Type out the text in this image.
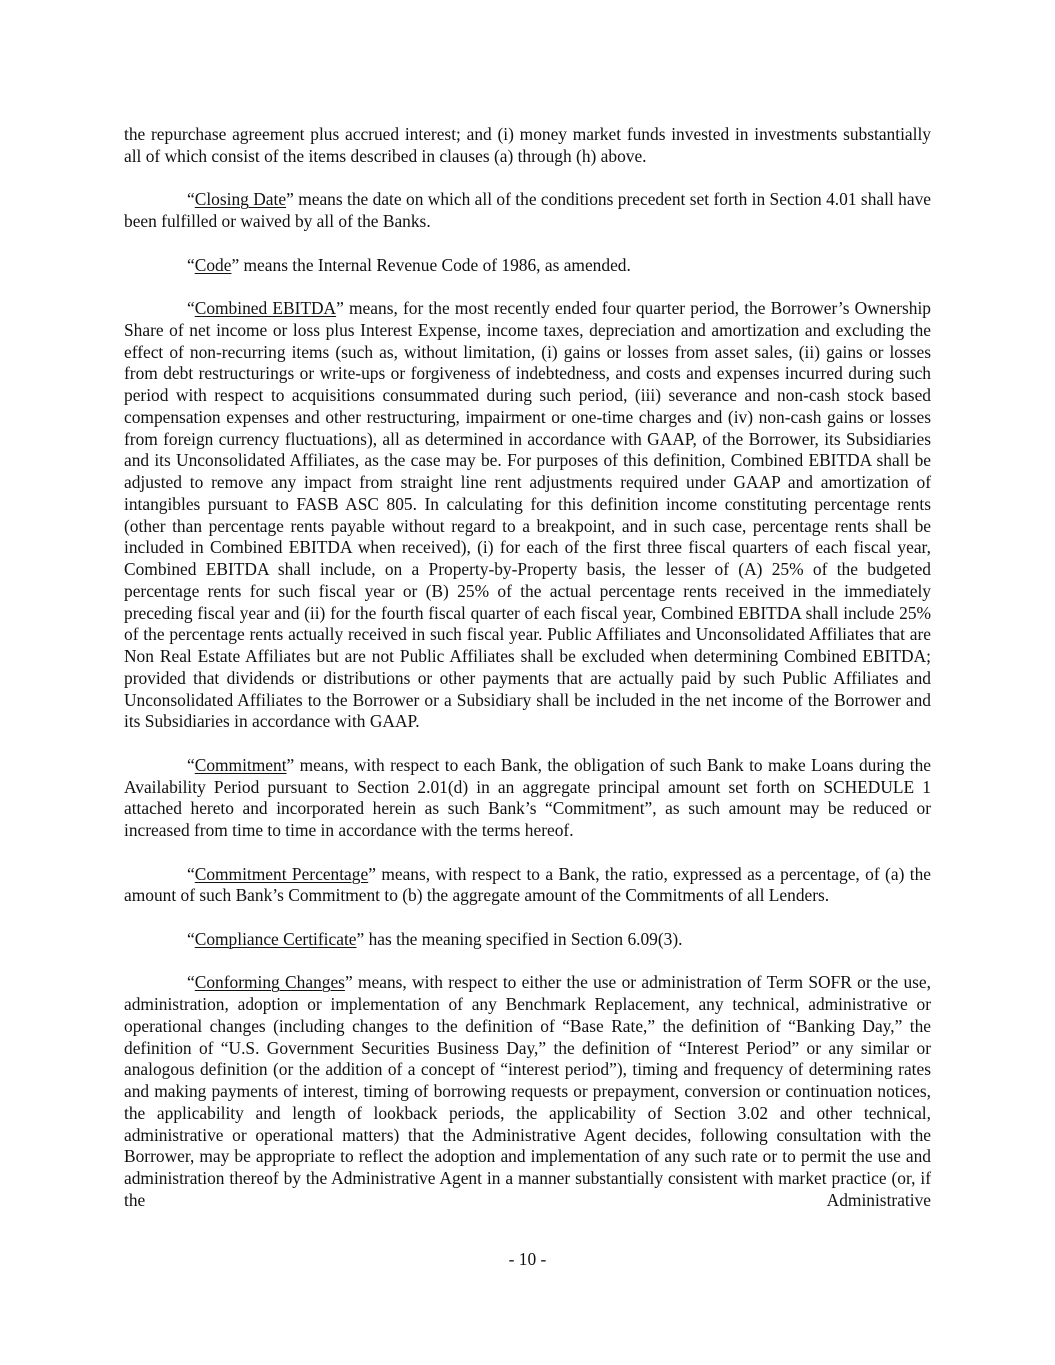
the repurchase agreement plus accrued interest; and (i) money market funds invested in investments substantially all of which consist of the items described in clauses (a) through (h) above.

“Closing Date” means the date on which all of the conditions precedent set forth in Section 4.01 shall have been fulfilled or waived by all of the Banks.

“Code” means the Internal Revenue Code of 1986, as amended.

“Combined EBITDA” means, for the most recently ended four quarter period, the Borrower’s Ownership Share of net income or loss plus Interest Expense, income taxes, depreciation and amortization and excluding the effect of non-recurring items (such as, without limitation, (i) gains or losses from asset sales, (ii) gains or losses from debt restructurings or write-ups or forgiveness of indebtedness, and costs and expenses incurred during such period with respect to acquisitions consummated during such period, (iii) severance and non-cash stock based compensation expenses and other restructuring, impairment or one-time charges and (iv) non-cash gains or losses from foreign currency fluctuations), all as determined in accordance with GAAP, of the Borrower, its Subsidiaries and its Unconsolidated Affiliates, as the case may be. For purposes of this definition, Combined EBITDA shall be adjusted to remove any impact from straight line rent adjustments required under GAAP and amortization of intangibles pursuant to FASB ASC 805. In calculating for this definition income constituting percentage rents (other than percentage rents payable without regard to a breakpoint, and in such case, percentage rents shall be included in Combined EBITDA when received), (i) for each of the first three fiscal quarters of each fiscal year, Combined EBITDA shall include, on a Property-by-Property basis, the lesser of (A) 25% of the budgeted percentage rents for such fiscal year or (B) 25% of the actual percentage rents received in the immediately preceding fiscal year and (ii) for the fourth fiscal quarter of each fiscal year, Combined EBITDA shall include 25% of the percentage rents actually received in such fiscal year. Public Affiliates and Unconsolidated Affiliates that are Non Real Estate Affiliates but are not Public Affiliates shall be excluded when determining Combined EBITDA; provided that dividends or distributions or other payments that are actually paid by such Public Affiliates and Unconsolidated Affiliates to the Borrower or a Subsidiary shall be included in the net income of the Borrower and its Subsidiaries in accordance with GAAP.

“Commitment” means, with respect to each Bank, the obligation of such Bank to make Loans during the Availability Period pursuant to Section 2.01(d) in an aggregate principal amount set forth on SCHEDULE 1 attached hereto and incorporated herein as such Bank’s “Commitment”, as such amount may be reduced or increased from time to time in accordance with the terms hereof.

“Commitment Percentage” means, with respect to a Bank, the ratio, expressed as a percentage, of (a) the amount of such Bank’s Commitment to (b) the aggregate amount of the Commitments of all Lenders.

“Compliance Certificate” has the meaning specified in Section 6.09(3).

“Conforming Changes” means, with respect to either the use or administration of Term SOFR or the use, administration, adoption or implementation of any Benchmark Replacement, any technical, administrative or operational changes (including changes to the definition of “Base Rate,” the definition of “Banking Day,” the definition of “U.S. Government Securities Business Day,” the definition of “Interest Period” or any similar or analogous definition (or the addition of a concept of “interest period”), timing and frequency of determining rates and making payments of interest, timing of borrowing requests or prepayment, conversion or continuation notices, the applicability and length of lookback periods, the applicability of Section 3.02 and other technical, administrative or operational matters) that the Administrative Agent decides, following consultation with the Borrower, may be appropriate to reflect the adoption and implementation of any such rate or to permit the use and administration thereof by the Administrative Agent in a manner substantially consistent with market practice (or, if the Administrative

- 10 -
